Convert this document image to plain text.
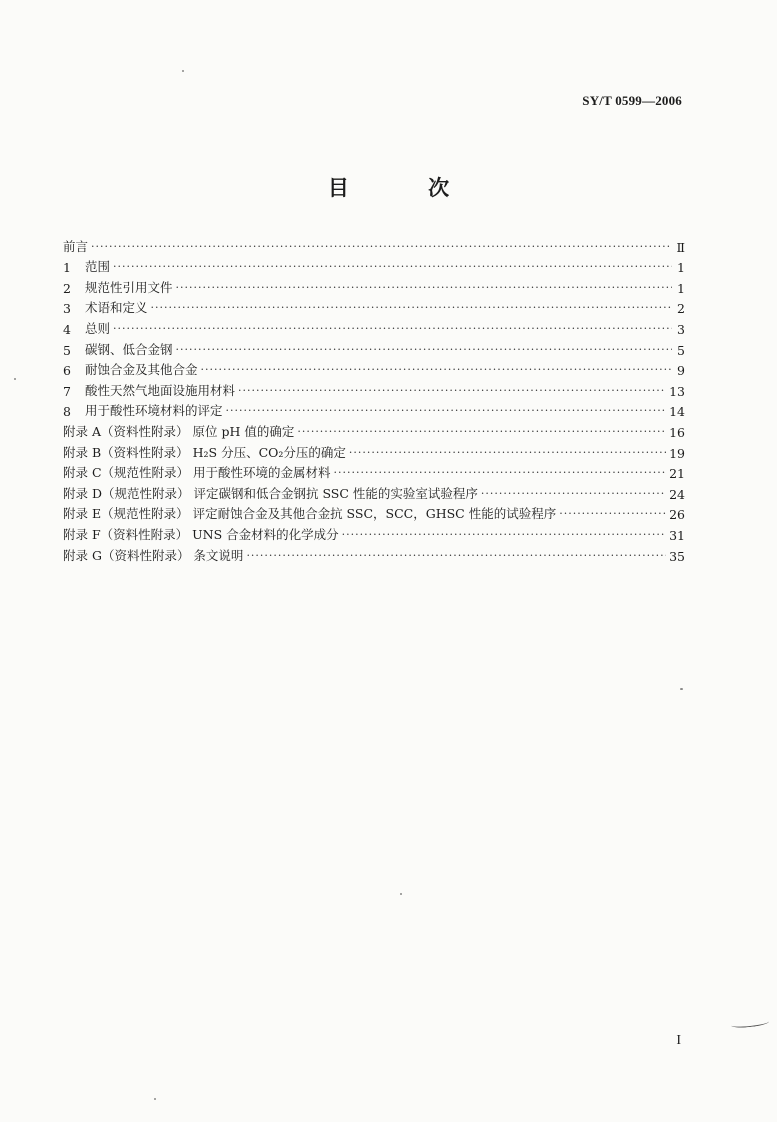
SY/T 0599—2006
目 次
前言 ·····	Ⅱ
1	范围 ·····	1
2	规范性引用文件 ·····	1
3	术语和定义 ·····	2
4	总则 ·····	3
5	碳钢、低合金钢 ·····	5
6	耐蚀合金及其他合金 ·····	9
7	酸性天然气地面设施用材料 ·····	13
8	用于酸性环境材料的评定 ·····	14
附录 A（资料性附录） 原位 pH 值的确定 ·····	16
附录 B（资料性附录） H₂S 分压、CO₂分压的确定 ·····	19
附录 C（规范性附录） 用于酸性环境的金属材料 ·····	21
附录 D（规范性附录） 评定碳钢和低合金钢抗 SSC 性能的实验室试验程序 ·····	24
附录 E（规范性附录） 评定耐蚀合金及其他合金抗 SSC，SCC，GHSC 性能的试验程序 ·····	26
附录 F（资料性附录） UNS 合金材料的化学成分 ·····	31
附录 G（资料性附录） 条文说明 ·····	35
I
